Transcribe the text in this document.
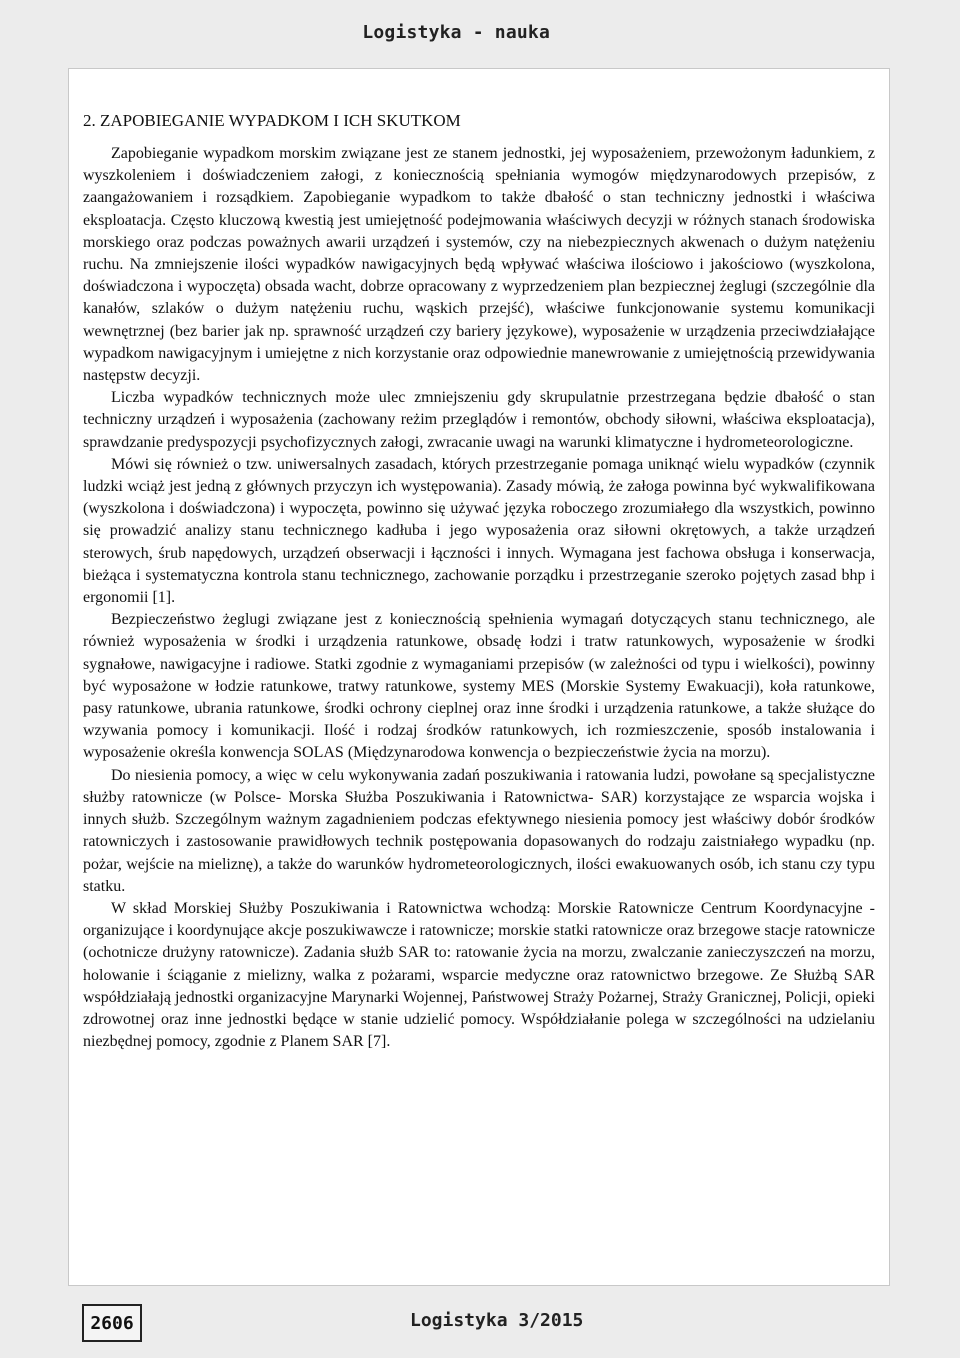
Logistyka - nauka
2. ZAPOBIEGANIE WYPADKOM I ICH SKUTKOM

Zapobieganie wypadkom morskim związane jest ze stanem jednostki, jej wyposażeniem, przewożonym ładunkiem, z wyszkoleniem i doświadczeniem załogi, z koniecznością spełniania wymogów międzynarodowych przepisów, z zaangażowaniem i rozsądkiem. Zapobieganie wypadkom to także dbałość o stan techniczny jednostki i właściwa eksploatacja. Często kluczową kwestią jest umiejętność podejmowania właściwych decyzji w różnych stanach środowiska morskiego oraz podczas poważnych awarii urządzeń i systemów, czy na niebezpiecznych akwenach o dużym natężeniu ruchu. Na zmniejszenie ilości wypadków nawigacyjnych będą wpływać właściwa ilościowo i jakościowo (wyszkolona, doświadczona i wypoczęta) obsada wacht, dobrze opracowany z wyprzedzeniem plan bezpiecznej żeglugi (szczególnie dla kanałów, szlaków o dużym natężeniu ruchu, wąskich przejść), właściwe funkcjonowanie systemu komunikacji wewnętrznej (bez barier jak np. sprawność urządzeń czy bariery językowe), wyposażenie w urządzenia przeciwdziałające wypadkom nawigacyjnym i umiejętne z nich korzystanie oraz odpowiednie manewrowanie z umiejętnością przewidywania następstw decyzji.

Liczba wypadków technicznych może ulec zmniejszeniu gdy skrupulatnie przestrzegana będzie dbałość o stan techniczny urządzeń i wyposażenia (zachowany reżim przeglądów i remontów, obchody siłowni, właściwa eksploatacja), sprawdzanie predyspozycji psychofizycznych załogi, zwracanie uwagi na warunki klimatyczne i hydrometeorologiczne.

Mówi się również o tzw. uniwersalnych zasadach, których przestrzeganie pomaga uniknąć wielu wypadków (czynnik ludzki wciąż jest jedną z głównych przyczyn ich występowania). Zasady mówią, że załoga powinna być wykwalifikowana (wyszkolona i doświadczona) i wypoczęta, powinno się używać języka roboczego zrozumiałego dla wszystkich, powinno się prowadzić analizy stanu technicznego kadłuba i jego wyposażenia oraz siłowni okrętowych, a także urządzeń sterowych, śrub napędowych, urządzeń obserwacji i łączności i innych. Wymagana jest fachowa obsługa i konserwacja, bieżąca i systematyczna kontrola stanu technicznego, zachowanie porządku i przestrzeganie szeroko pojętych zasad bhp i ergonomii [1].

Bezpieczeństwo żeglugi związane jest z koniecznością spełnienia wymagań dotyczących stanu technicznego, ale również wyposażenia w środki i urządzenia ratunkowe, obsadę łodzi i tratw ratunkowych, wyposażenie w środki sygnałowe, nawigacyjne i radiowe. Statki zgodnie z wymaganiami przepisów (w zależności od typu i wielkości), powinny być wyposażone w łodzie ratunkowe, tratwy ratunkowe, systemy MES (Morskie Systemy Ewakuacji), koła ratunkowe, pasy ratunkowe, ubrania ratunkowe, środki ochrony cieplnej oraz inne środki i urządzenia ratunkowe, a także służące do wzywania pomocy i komunikacji. Ilość i rodzaj środków ratunkowych, ich rozmieszczenie, sposób instalowania i wyposażenie określa konwencja SOLAS (Międzynarodowa konwencja o bezpieczeństwie życia na morzu).

Do niesienia pomocy, a więc w celu wykonywania zadań poszukiwania i ratowania ludzi, powołane są specjalistyczne służby ratownicze (w Polsce- Morska Służba Poszukiwania i Ratownictwa- SAR) korzystające ze wsparcia wojska i innych służb. Szczególnym ważnym zagadnieniem podczas efektywnego niesienia pomocy jest właściwy dobór środków ratowniczych i zastosowanie prawidłowych technik postępowania dopasowanych do rodzaju zaistniałego wypadku (np. pożar, wejście na mieliznę), a także do warunków hydrometeorologicznych, ilości ewakuowanych osób, ich stanu czy typu statku.

W skład Morskiej Służby Poszukiwania i Ratownictwa wchodzą: Morskie Ratownicze Centrum Koordynacyjne - organizujące i koordynujące akcje poszukiwawcze i ratownicze; morskie statki ratownicze oraz brzegowe stacje ratownicze (ochotnicze drużyny ratownicze). Zadania służb SAR to: ratowanie życia na morzu, zwalczanie zanieczyszczeń na morzu, holowanie i ściąganie z mielizny, walka z pożarami, wsparcie medyczne oraz ratownictwo brzegowe. Ze Służbą SAR współdziałają jednostki organizacyjne Marynarki Wojennej, Państwowej Straży Pożarnej, Straży Granicznej, Policji, opieki zdrowotnej oraz inne jednostki będące w stanie udzielić pomocy. Współdziałanie polega w szczególności na udzielaniu niezbędnej pomocy, zgodnie z Planem SAR [7].

2606	Logistyka 3/2015
